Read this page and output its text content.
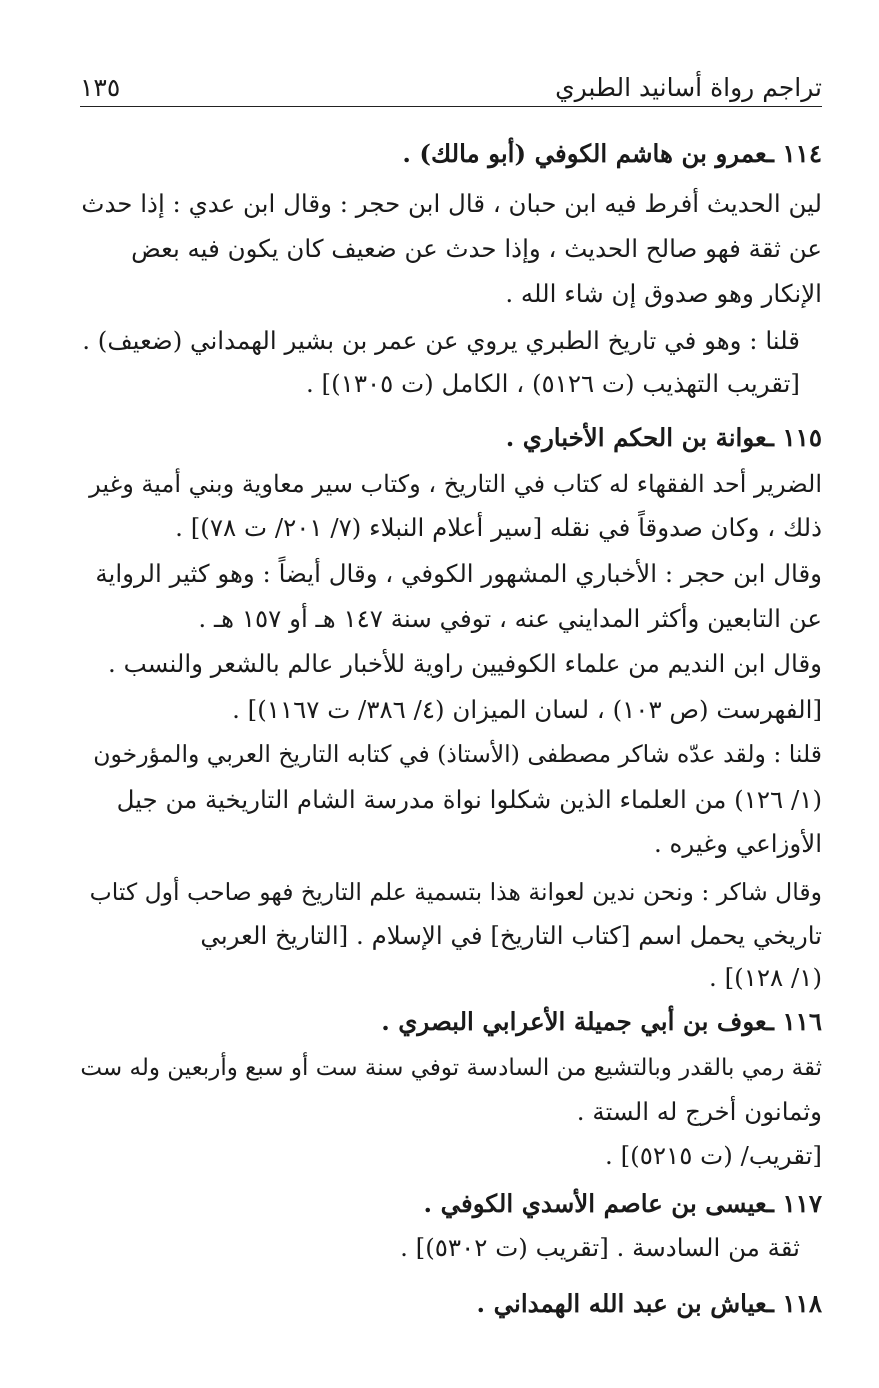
١٣٥	تراجم رواة أسانيد الطبري
١١٤ ـعمرو بن هاشم الكوفي (أبو مالك) .
لين الحديث أفرط فيه ابن حبان ، قال ابن حجر : وقال ابن عدي : إذا حدث
عن ثقة فهو صالح الحديث ، وإذا حدث عن ضعيف كان يكون فيه بعض
الإنكار وهو صدوق إن شاء الله .
قلنا : وهو في تاريخ الطبري يروي عن عمر بن بشير الهمداني (ضعيف) .
[تقريب التهذيب (ت ٥١٢٦) ، الكامل (ت ١٣٠٥)] .
١١٥ ـعوانة بن الحكم الأخباري .
الضرير أحد الفقهاء له كتاب في التاريخ ، وكتاب سير معاوية وبني أمية وغير
ذلك ، وكان صدوقاً في نقله [سير أعلام النبلاء (٧/ ٢٠١/ ت ٧٨)] .
وقال ابن حجر : الأخباري المشهور الكوفي ، وقال أيضاً : وهو كثير الرواية
عن التابعين وأكثر المدايني عنه ، توفي سنة ١٤٧ هـ أو ١٥٧ هـ .
وقال ابن النديم من علماء الكوفيين راوية للأخبار عالم بالشعر والنسب .
[الفهرست (ص ١٠٣) ، لسان الميزان (٤/ ٣٨٦/ ت ١١٦٧)] .
قلنا : ولقد عدّه شاكر مصطفى (الأستاذ) في كتابه التاريخ العربي والمؤرخون
(١/ ١٢٦) من العلماء الذين شكلوا نواة مدرسة الشام التاريخية من جيل
الأوزاعي وغيره .
وقال شاكر : ونحن ندين لعوانة هذا بتسمية علم التاريخ فهو صاحب أول كتاب
تاريخي يحمل اسم [كتاب التاريخ] في الإسلام . [التاريخ العربي
(١/ ١٢٨)] .
١١٦ ـعوف بن أبي جميلة الأعرابي البصري .
ثقة رمي بالقدر وبالتشيع من السادسة توفي سنة ست أو سبع وأربعين وله ست
وثمانون أخرج له الستة .
[تقريب/ (ت ٥٢١٥)] .
١١٧ ـعيسى بن عاصم الأسدي الكوفي .
ثقة من السادسة . [تقريب (ت ٥٣٠٢)] .
١١٨ ـعياش بن عبد الله الهمداني .
